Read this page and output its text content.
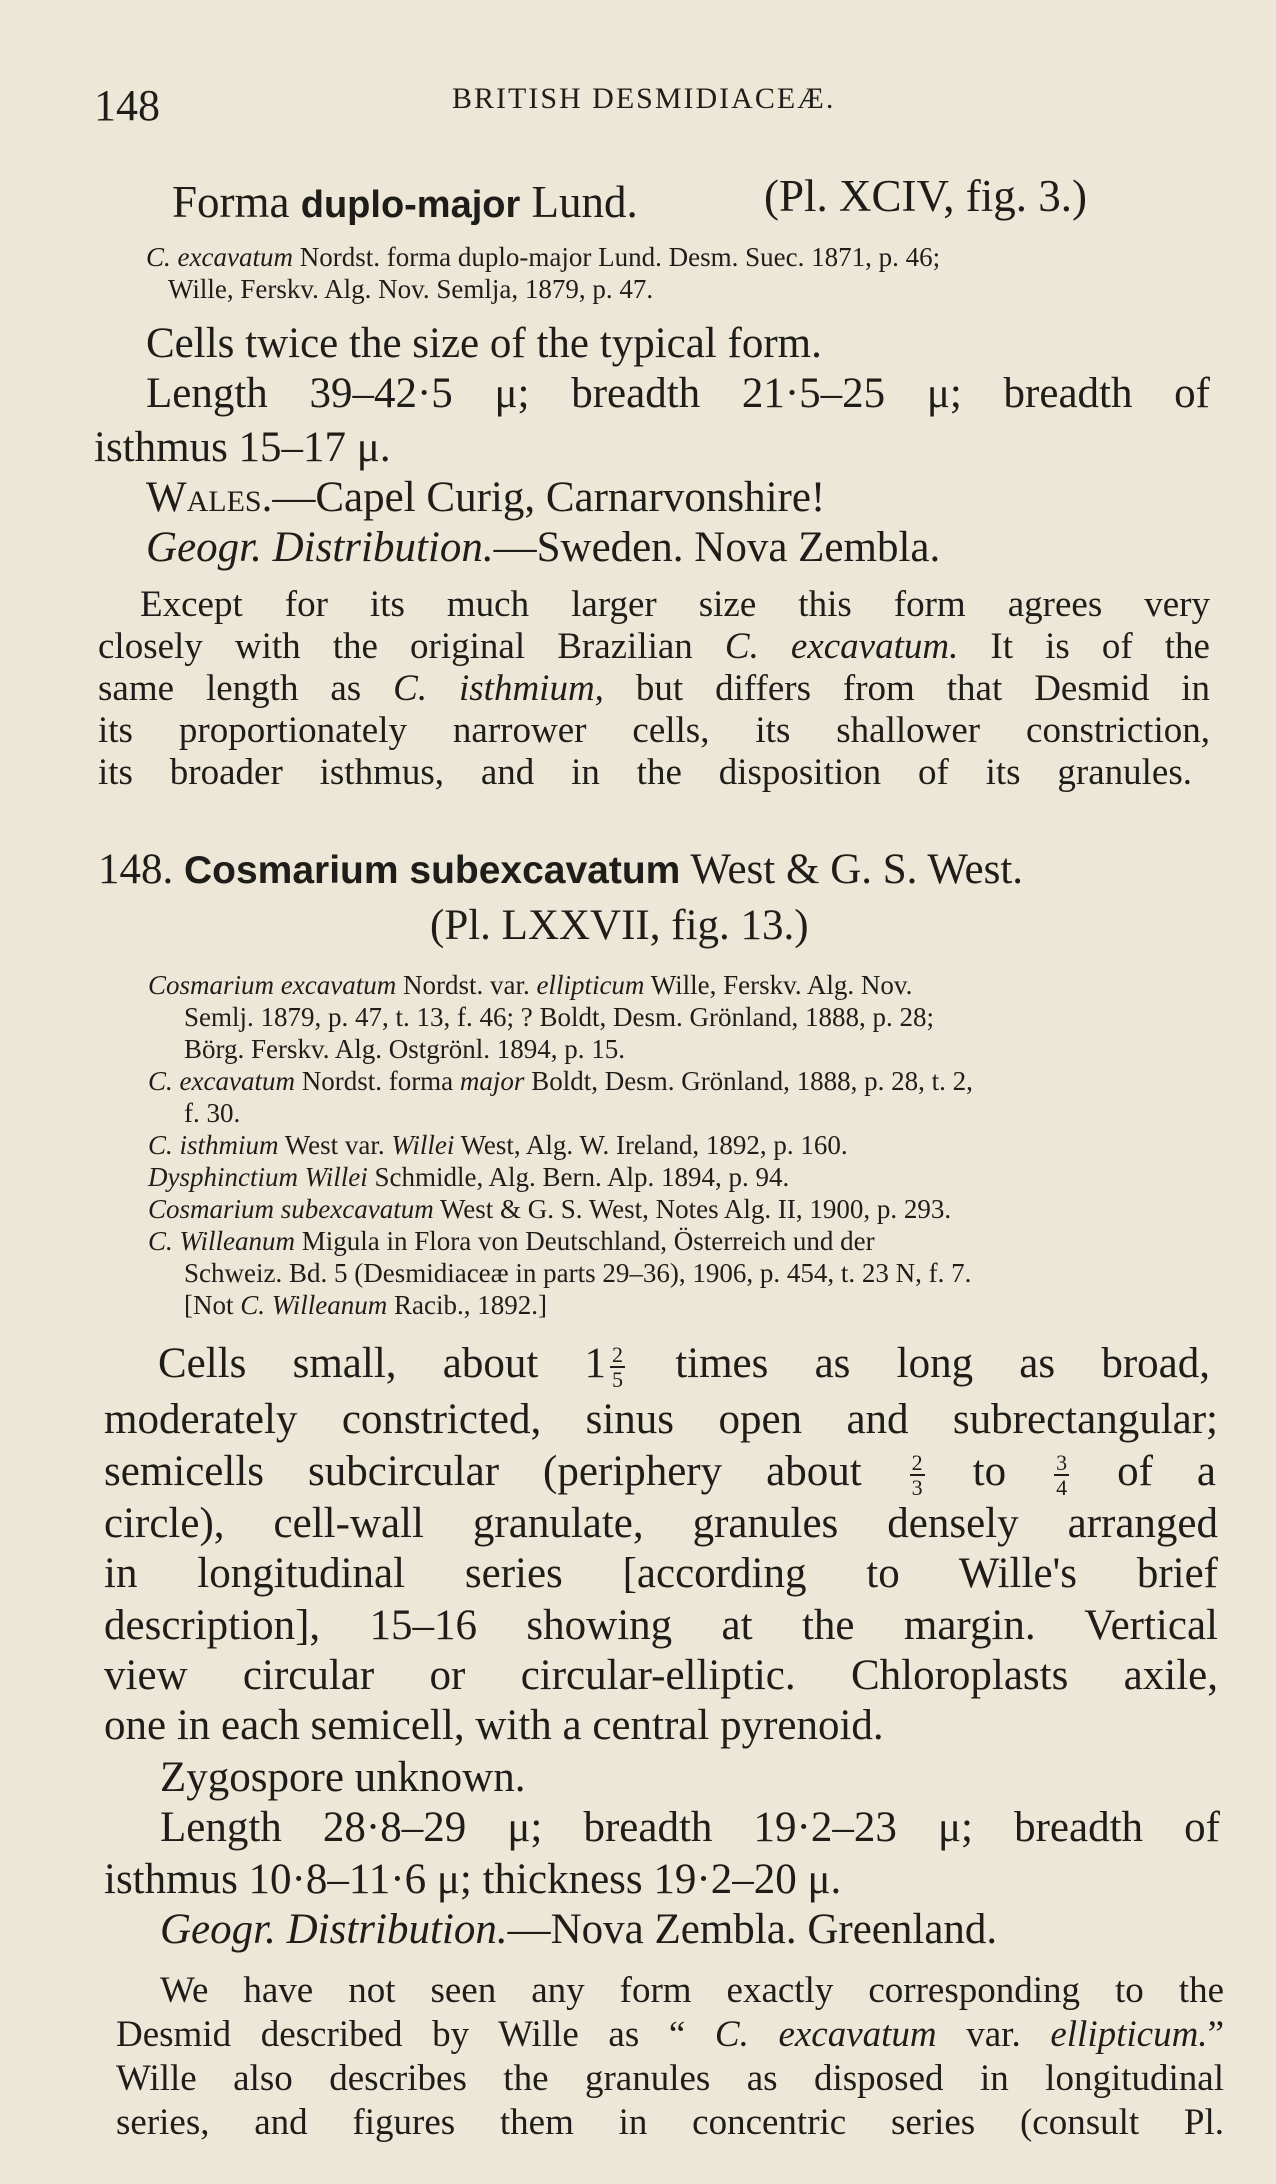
148	BRITISH DESMIDIACEÆ.
Forma duplo-major Lund.	(Pl. XCIV, fig. 3.)
C. excavatum Nordst. forma duplo-major Lund. Desm. Suec. 1871, p. 46;
Wille, Ferskv. Alg. Nov. Semlja, 1879, p. 47.
Cells twice the size of the typical form.
Length 39–42·5 μ; breadth 21·5–25 μ; breadth of
isthmus 15–17 μ.
Wales.—Capel Curig, Carnarvonshire!
Geogr. Distribution.—Sweden. Nova Zembla.
Except for its much larger size this form agrees very
closely with the original Brazilian C. excavatum. It is of the
same length as C. isthmium, but differs from that Desmid in
its proportionately narrower cells, its shallower constriction,
its broader isthmus, and in the disposition of its granules.
148. Cosmarium subexcavatum West & G. S. West.
(Pl. LXXVII, fig. 13.)
Cosmarium excavatum Nordst. var. ellipticum Wille, Ferskv. Alg. Nov.
Semlj. 1879, p. 47, t. 13, f. 46; ? Boldt, Desm. Grönland, 1888, p. 28;
Börg. Ferskv. Alg. Ostgrönl. 1894, p. 15.
C. excavatum Nordst. forma major Boldt, Desm. Grönland, 1888, p. 28, t. 2,
f. 30.
C. isthmium West var. Willei West, Alg. W. Ireland, 1892, p. 160.
Dysphinctium Willei Schmidle, Alg. Bern. Alp. 1894, p. 94.
Cosmarium subexcavatum West & G. S. West, Notes Alg. II, 1900, p. 293.
C. Willeanum Migula in Flora von Deutschland, Österreich und der
Schweiz. Bd. 5 (Desmidiaceæ in parts 29–36), 1906, p. 454, t. 23 N, f. 7.
[Not C. Willeanum Racib., 1892.]
Cells small, about $1 \frac{2}{5}$ times as long as broad,
moderately constricted, sinus open and subrectangular;
semicells subcircular (periphery about $\frac{2}{3}$ to $\frac{3}{4}$ of a
circle), cell-wall granulate, granules densely arranged
in longitudinal series [according to Wille's brief
description], 15–16 showing at the margin. Vertical
view circular or circular-elliptic. Chloroplasts axile,
one in each semicell, with a central pyrenoid.
Zygospore unknown.
Length 28·8–29 μ; breadth 19·2–23 μ; breadth of
isthmus 10·8–11·6 μ; thickness 19·2–20 μ.
Geogr. Distribution.—Nova Zembla. Greenland.
We have not seen any form exactly corresponding to the
Desmid described by Wille as “ C. excavatum var. ellipticum.”
Wille also describes the granules as disposed in longitudinal
series, and figures them in concentric series (consult Pl.
